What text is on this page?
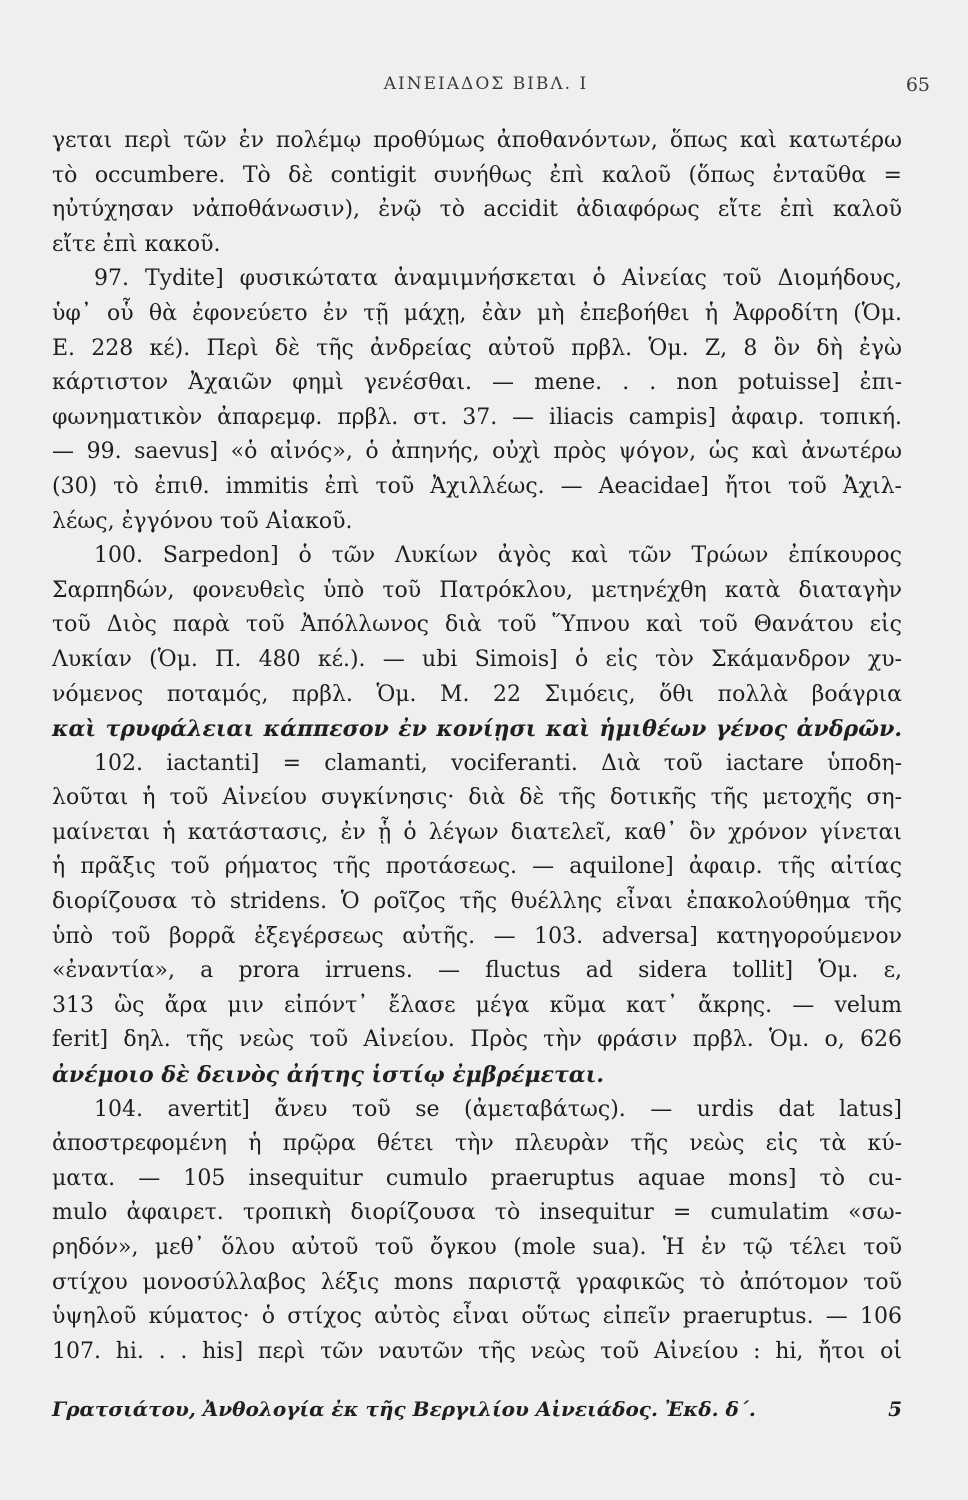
ΑΙΝΕΙΑΔΟΣ ΒΙΒΛ. Ι	65
γεται περὶ τῶν ἐν πολέμῳ προθύμως ἀποθανόντων, ὅπως καὶ κατωτέρω
τὸ occumbere. Τὸ δὲ contigit συνήθως ἐπὶ καλοῦ (ὅπως ἐνταῦθα =
ηὐτύχησαν νἀποθάνωσιν), ἐνῷ τὸ accidit ἀδιαφόρως εἴτε ἐπὶ καλοῦ
εἴτε ἐπὶ κακοῦ.
97. Tydite] φυσικώτατα ἀναμιμνήσκεται ὁ Αἰνείας τοῦ Διομήδους,
ὑφ᾿ οὗ θὰ ἐφονεύετο ἐν τῇ μάχῃ, ἐὰν μὴ ἐπεβοήθει ἡ Ἀφροδίτη (Ὁμ.
Ε. 228 κέ). Περὶ δὲ τῆς ἀνδρείας αὐτοῦ πρβλ. Ὁμ. Ζ, 8 ὃν δὴ ἐγὼ
κάρτιστον Ἀχαιῶν φημὶ γενέσθαι. — mene. . . non potuisse] ἐπι-
φωνηματικὸν ἀπαρεμφ. πρβλ. στ. 37. — iliacis campis] ἀφαιρ. τοπική.
— 99. saevus] «ὁ αἰνός», ὁ ἀπηνής, οὐχὶ πρὸς ψόγον, ὡς καὶ ἀνωτέρω
(30) τὸ ἐπιθ. immitis ἐπὶ τοῦ Ἀχιλλέως. — Aeacidae] ἤτοι τοῦ Ἀχιλ-
λέως, ἐγγόνου τοῦ Αἰακοῦ.
100. Sarpedon] ὁ τῶν Λυκίων ἀγὸς καὶ τῶν Τρώων ἐπίκουρος
Σαρπηδών, φονευθεὶς ὑπὸ τοῦ Πατρόκλου, μετηνέχθη κατὰ διαταγὴν
τοῦ Διὸς παρὰ τοῦ Ἀπόλλωνος διὰ τοῦ Ὕπνου καὶ τοῦ Θανάτου εἰς
Λυκίαν (Ὁμ. Π. 480 κέ.). — ubi Simois] ὁ εἰς τὸν Σκάμανδρον χυ-
νόμενος ποταμός, πρβλ. Ὁμ. Μ. 22 Σιμόεις, ὅθι πολλὰ βοάγρια
καὶ τρυφάλειαι κάππεσον ἐν κονίῃσι καὶ ἡμιθέων γένος ἀνδρῶν.
102. iactanti] = clamanti, vociferanti. Διὰ τοῦ iactare ὑποδη-
λοῦται ἡ τοῦ Αἰνείου συγκίνησις· διὰ δὲ τῆς δοτικῆς τῆς μετοχῆς ση-
μαίνεται ἡ κατάστασις, ἐν ᾗ ὁ λέγων διατελεῖ, καθ᾿ ὃν χρόνον γίνεται
ἡ πρᾶξις τοῦ ρήματος τῆς προτάσεως. — aquilone] ἀφαιρ. τῆς αἰτίας
διορίζουσα τὸ stridens. Ὁ ροῖζος τῆς θυέλλης εἶναι ἐπακολούθημα τῆς
ὑπὸ τοῦ βορρᾶ ἐξεγέρσεως αὐτῆς. — 103. adversa] κατηγορούμενον
«ἐναντία», a prora irruens. — fluctus ad sidera tollit] Ὁμ. ε,
313 ὣς ἄρα μιν εἰπόντ᾿ ἔλασε μέγα κῦμα κατ᾿ ἄκρης. — velum
ferit] δηλ. τῆς νεὼς τοῦ Αἰνείου. Πρὸς τὴν φράσιν πρβλ. Ὁμ. ο, 626
ἀνέμοιο δὲ δεινὸς ἀήτης ἱστίῳ ἐμβρέμεται.
104. avertit] ἄνευ τοῦ se (ἀμεταβάτως). — urdis dat latus]
ἀποστρεφομένη ἡ πρῷρα θέτει τὴν πλευρὰν τῆς νεὼς εἰς τὰ κύ-
ματα. — 105 insequitur cumulo praeruptus aquae mons] τὸ cu-
mulo ἀφαιρετ. τροπικὴ διορίζουσα τὸ insequitur = cumulatim «σω-
ρηδόν», μεθ᾿ ὅλου αὐτοῦ τοῦ ὄγκου (mole sua). Ἡ ἐν τῷ τέλει τοῦ
στίχου μονοσύλλαβος λέξις mons παριστᾷ γραφικῶς τὸ ἀπότομον τοῦ
ὑψηλοῦ κύματος· ὁ στίχος αὐτὸς εἶναι οὕτως εἰπεῖν praeruptus. — 106
107. hi. . . his] περὶ τῶν ναυτῶν τῆς νεὼς τοῦ Αἰνείου : hi, ἤτοι οἱ
Γρατσιάτου, Ἀνθολογία ἐκ τῆς Βεργιλίου Αἰνειάδος. Ἐκδ. δ΄.	5
